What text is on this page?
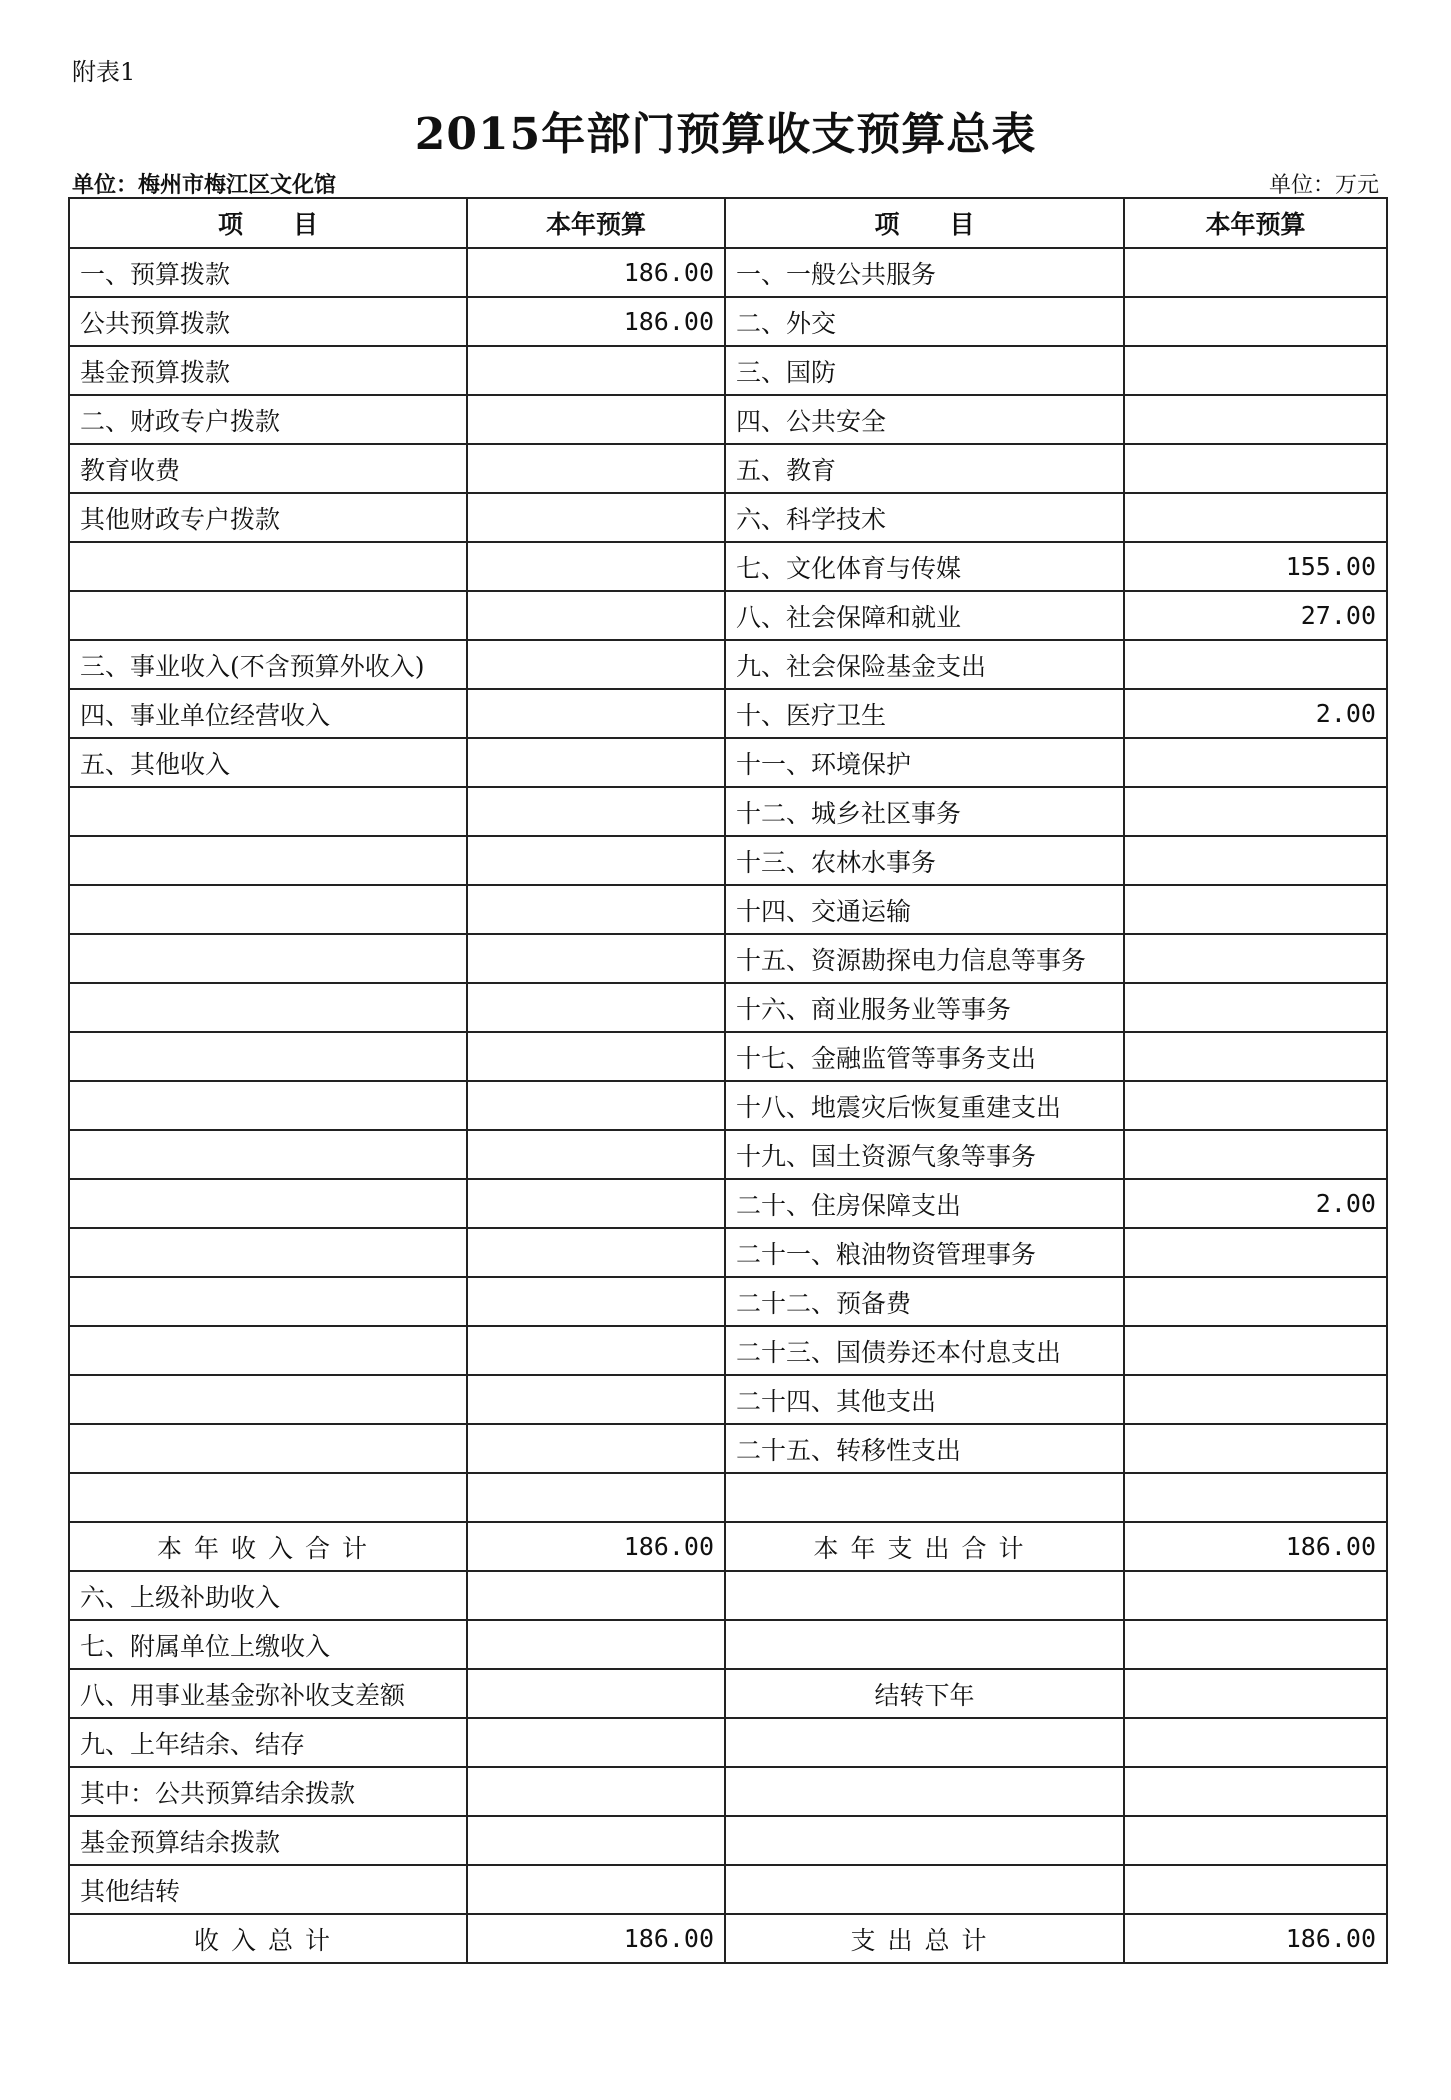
附表1
2015年部门预算收支预算总表
单位：梅州市梅江区文化馆	单位：万元
项　　目	本年预算	项　　目	本年预算
一、预算拨款	186.00	一、一般公共服务	
公共预算拨款	186.00	二、外交	
基金预算拨款		三、国防	
二、财政专户拨款		四、公共安全	
教育收费		五、教育	
其他财政专户拨款		六、科学技术	
		七、文化体育与传媒	155.00
		八、社会保障和就业	27.00
三、事业收入(不含预算外收入)		九、社会保险基金支出	
四、事业单位经营收入		十、医疗卫生	2.00
五、其他收入		十一、环境保护	
		十二、城乡社区事务	
		十三、农林水事务	
		十四、交通运输	
		十五、资源勘探电力信息等事务	
		十六、商业服务业等事务	
		十七、金融监管等事务支出	
		十八、地震灾后恢复重建支出	
		十九、国土资源气象等事务	
		二十、住房保障支出	2.00
		二十一、粮油物资管理事务	
		二十二、预备费	
		二十三、国债券还本付息支出	
		二十四、其他支出	
		二十五、转移性支出	

本年收入合计	186.00	本年支出合计	186.00
六、上级补助收入			
七、附属单位上缴收入			
八、用事业基金弥补收支差额		结转下年	
九、上年结余、结存			
其中：公共预算结余拨款			
基金预算结余拨款			
其他结转			
收入总计	186.00	支出总计	186.00
